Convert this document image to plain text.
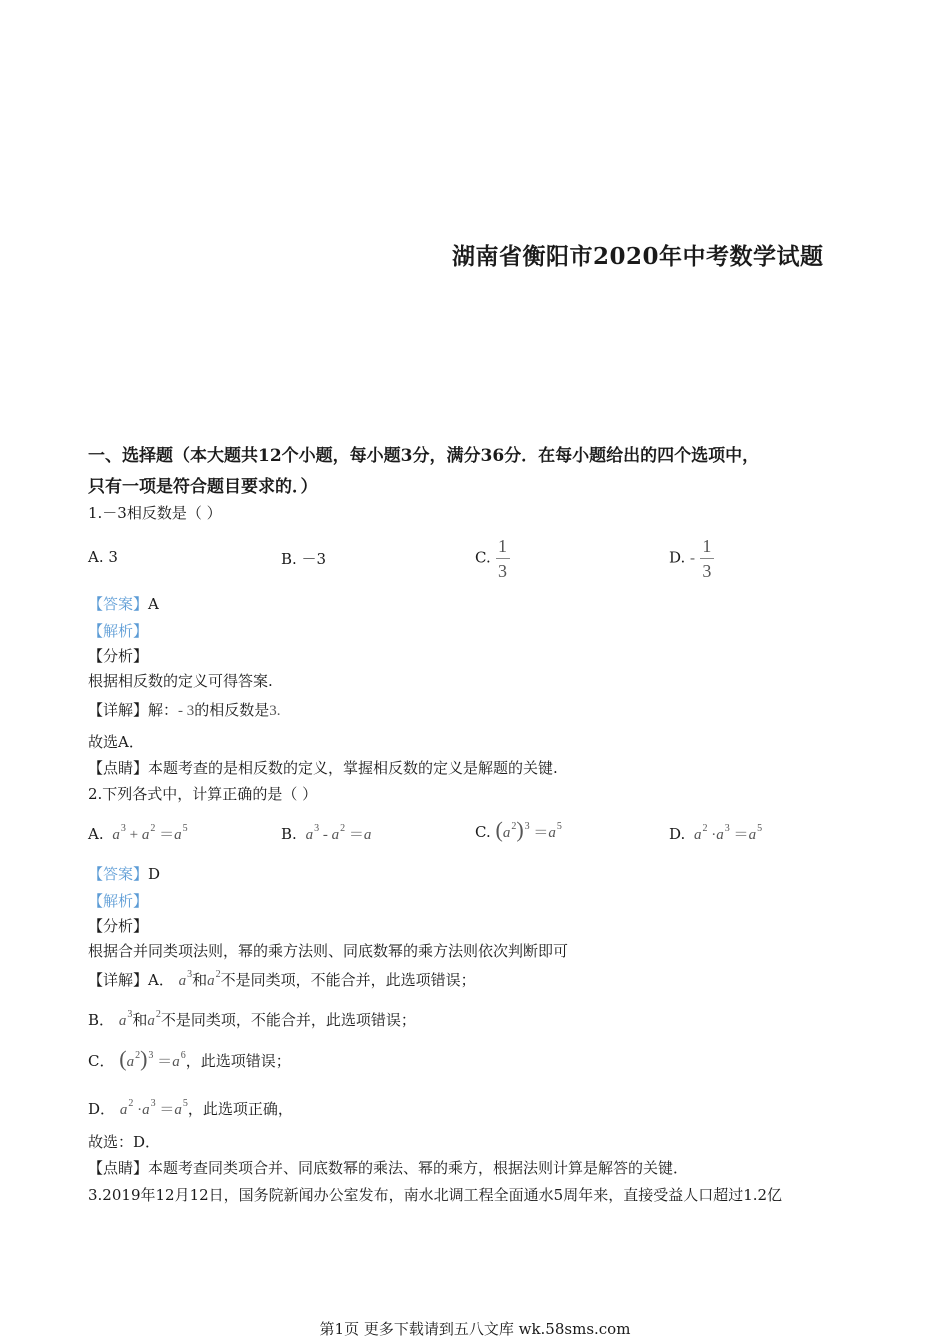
湖南省衡阳市2020年中考数学试题
一、选择题（本大题共12个小题，每小题3分，满分36分．在每小题给出的四个选项中，
只有一项是符合题目要求的．）
1.－3相反数是（ ）
A. 3	B. －3	C. $\frac{1}{3}$	D. - $\frac{1}{3}$
【答案】A
【解析】
【分析】
根据相反数的定义可得答案.
【详解】解：- 3的相反数是3.
故选A．
【点睛】本题考查的是相反数的定义，掌握相反数的定义是解题的关键.
2.下列各式中，计算正确的是（ ）
A. $a^3 + a^2 =a^5$	B. $a^3 - a^2 =a$	C. $(a^2)^3 =a^5$	D. $a^2 \cdot a^3 =a^5$
【答案】D
【解析】
【分析】
根据合并同类项法则，幂的乘方法则、同底数幂的乘方法则依次判断即可
【详解】A． $a^3$和$a^2$不是同类项，不能合并，此选项错误；
B． $a^3$和$a^2$不是同类项，不能合并，此选项错误；
C． $(a^2)^3 =a^6$，此选项错误；
D． $a^2 \cdot a^3 =a^5$，此选项正确，
故选：D．
【点睛】本题考查同类项合并、同底数幂的乘法、幂的乘方，根据法则计算是解答的关键．
3.2019年12月12日，国务院新闻办公室发布，南水北调工程全面通水5周年来，直接受益人口超过1.2亿
第1页 更多下载请到五八文库 wk.58sms.com
